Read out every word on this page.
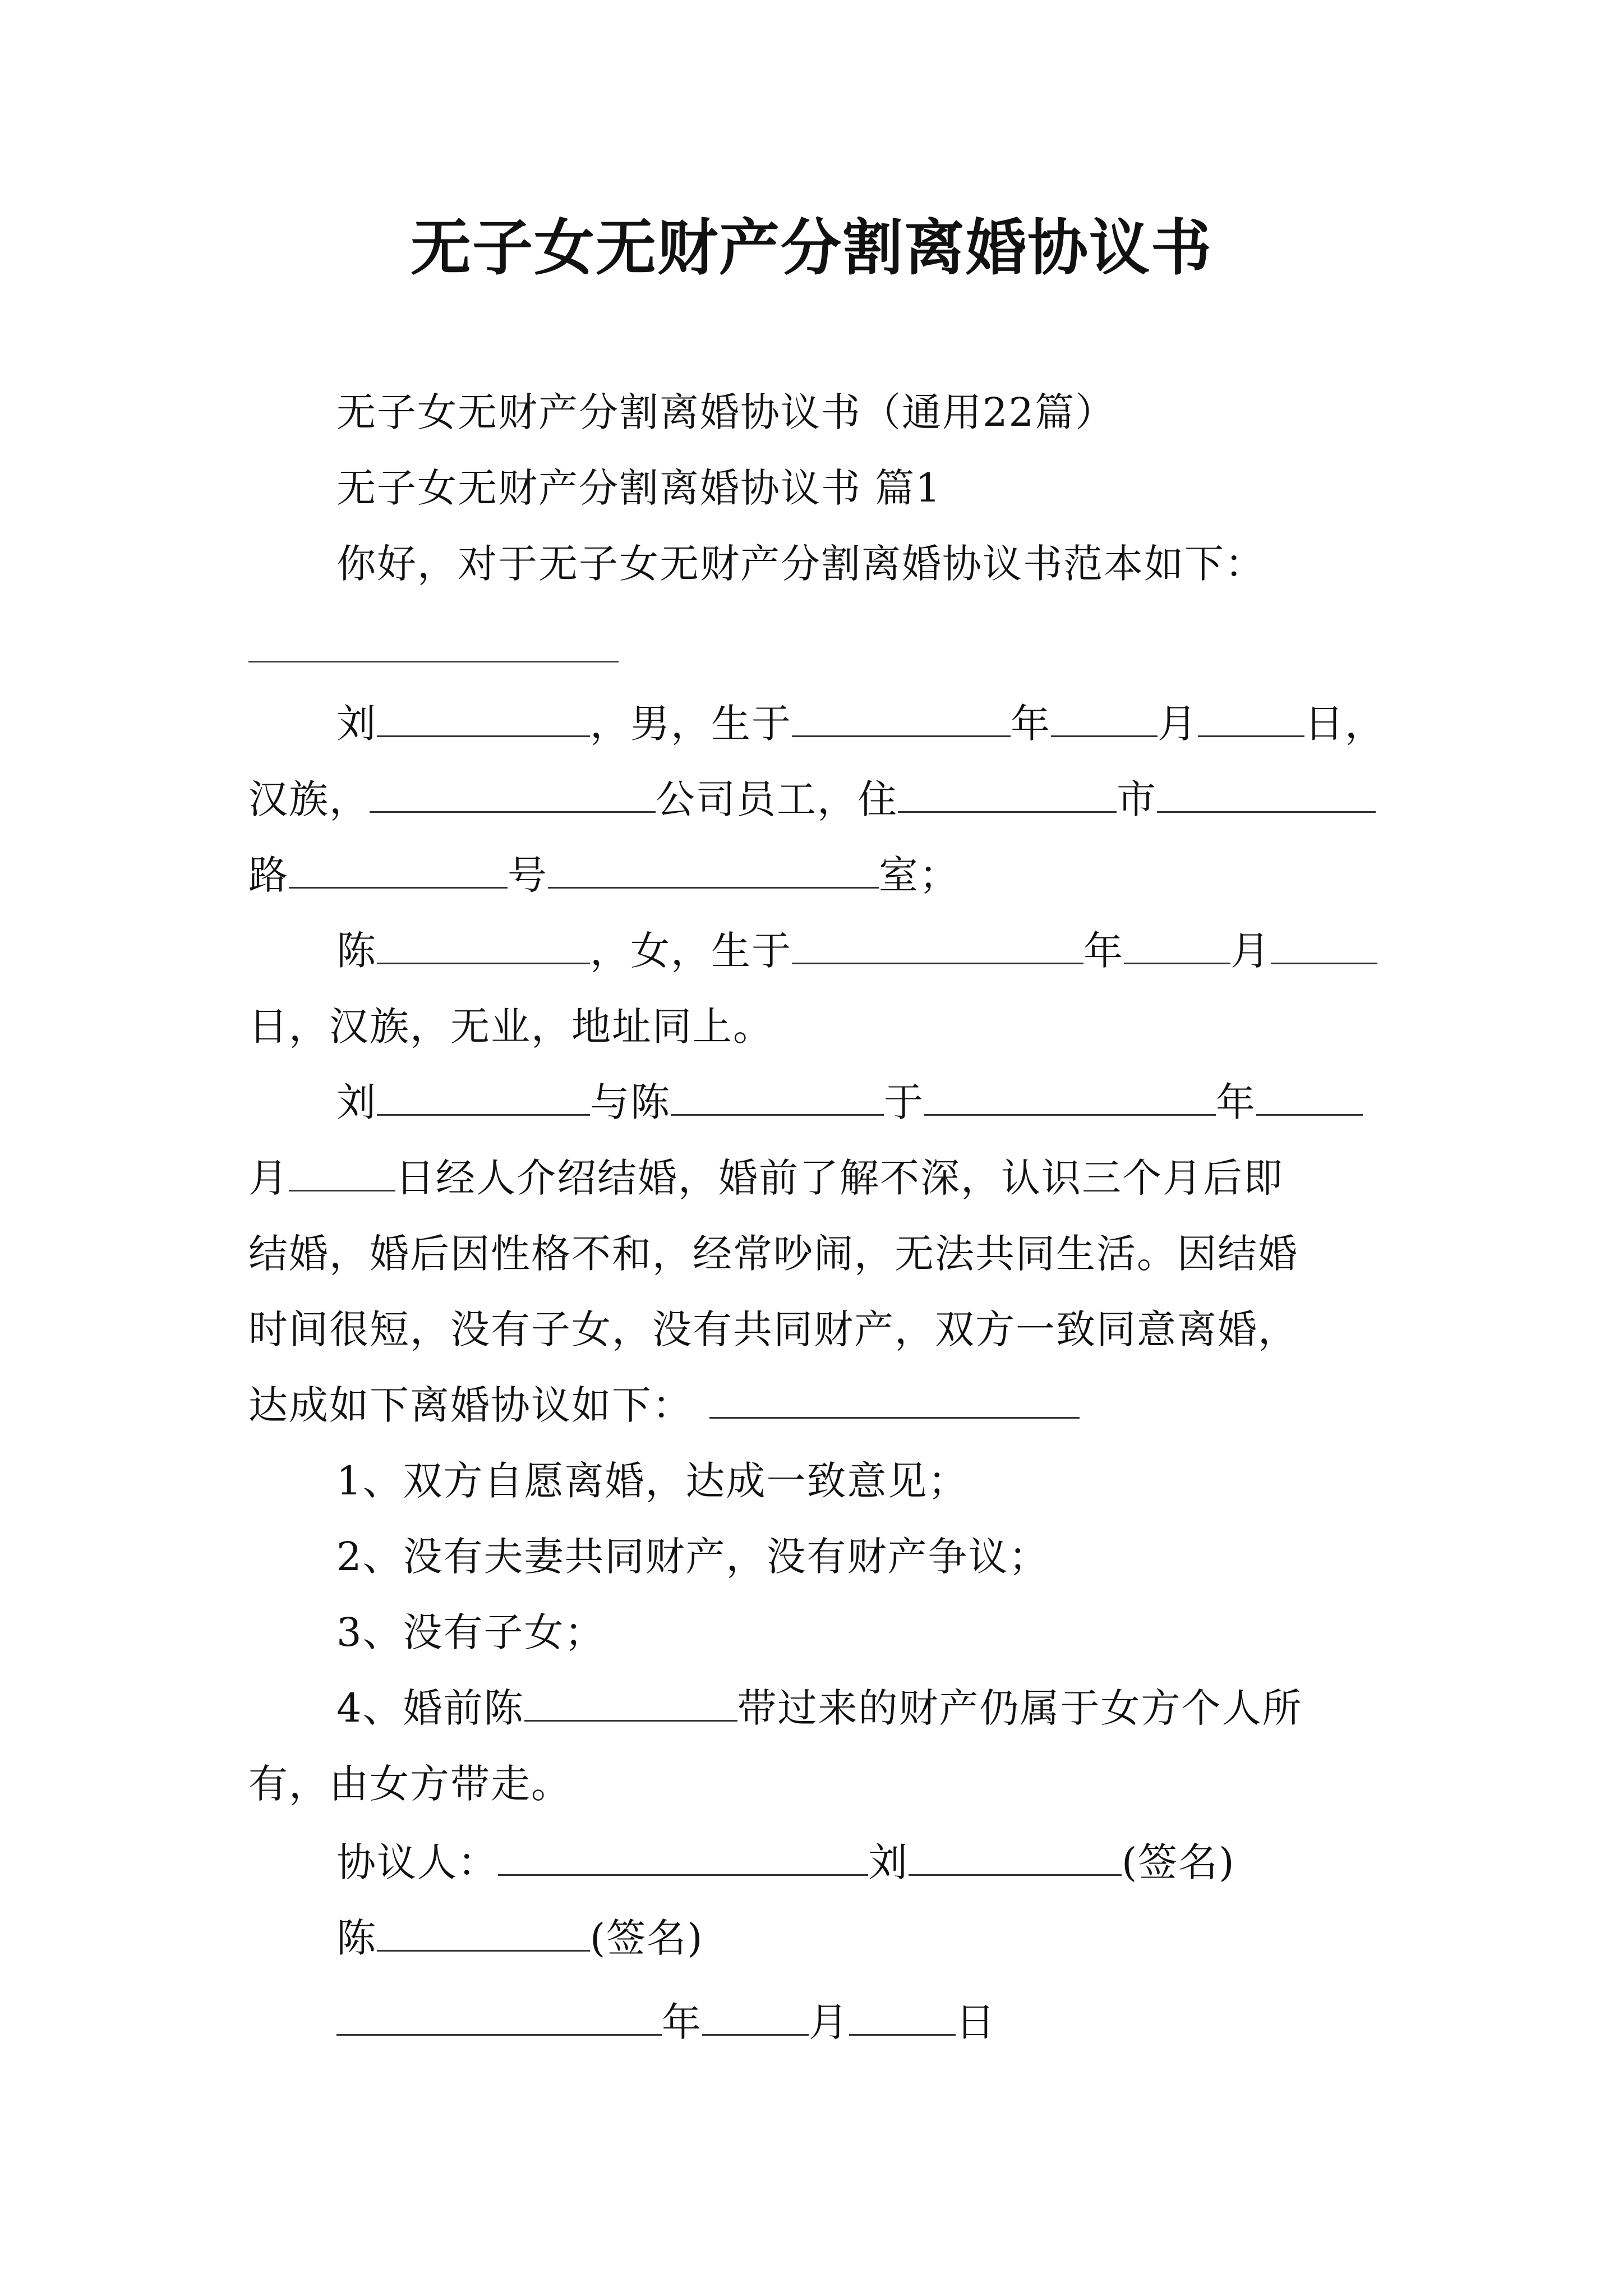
无子女无财产分割离婚协议书
无子女无财产分割离婚协议书（通用22篇）
无子女无财产分割离婚协议书 篇1
你好，对于无子女无财产分割离婚协议书范本如下：
刘	，男，生于	年	月	日，
汉族，	公司员工，住	市
路	号	室；
陈	，女，生于	年	月
日，汉族，无业，地址同上。
刘	与陈	于	年
月	日经人介绍结婚，婚前了解不深，认识三个月后即
结婚，婚后因性格不和，经常吵闹，无法共同生活。因结婚
时间很短，没有子女，没有共同财产，双方一致同意离婚，
达成如下离婚协议如下：
1、双方自愿离婚，达成一致意见；
2、没有夫妻共同财产，没有财产争议；
3、没有子女；
4、婚前陈	带过来的财产仍属于女方个人所
有，由女方带走。
协议人：	刘	(签名)
陈	(签名)
年	月	日
